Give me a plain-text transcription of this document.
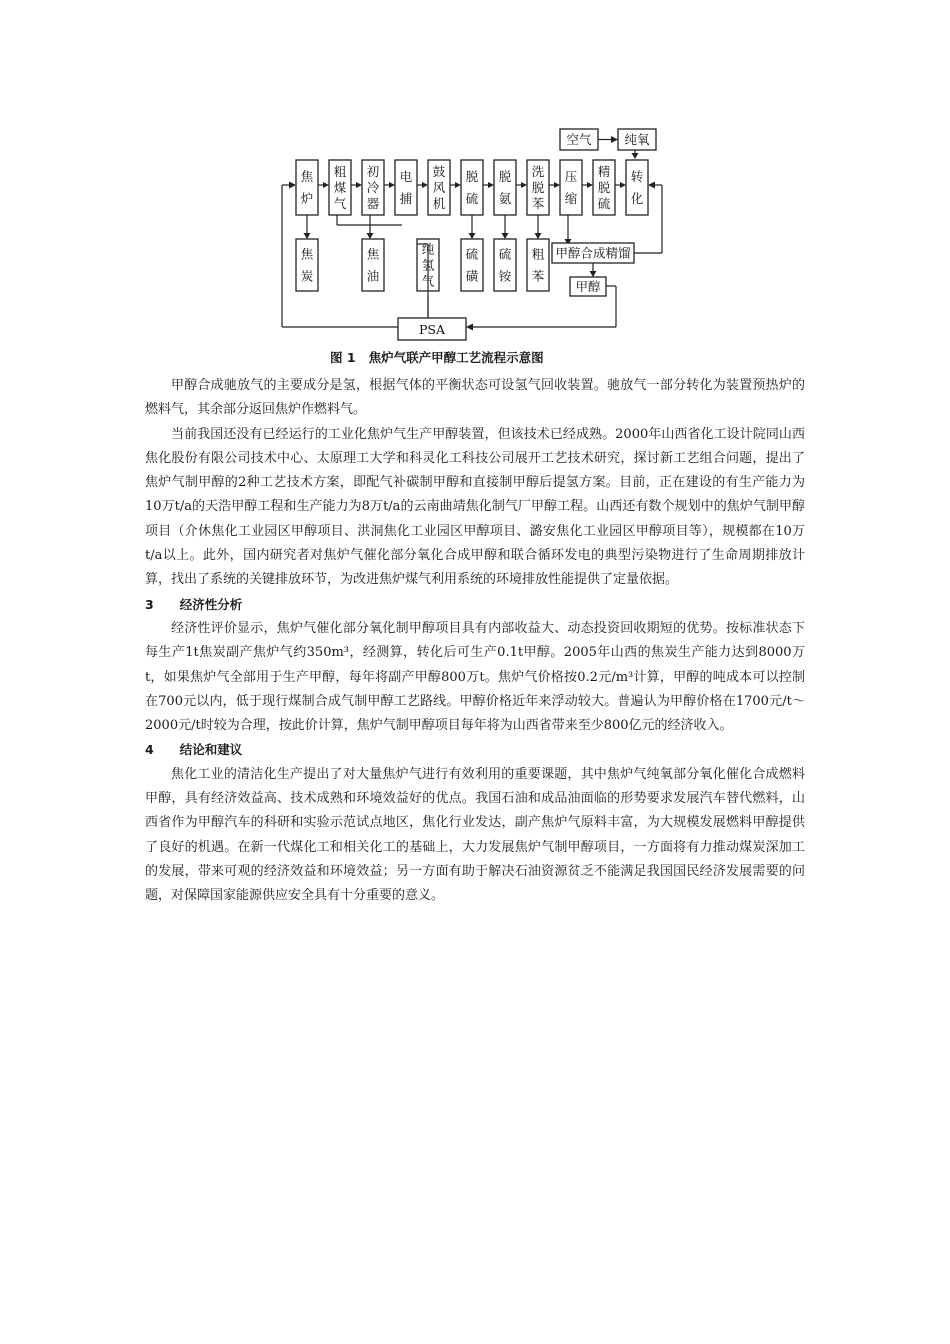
空气	纯氧
焦
炉
粗
煤
气
初
冷
器
电
捕
鼓
风
机
脱
硫
脱
氨
洗
脱
苯
压
缩
精
脱
硫
转
化
焦
炭
焦
油
纯
氢
气
硫
磺
硫
铵
粗
苯
PSA
甲醇合成精馏
甲醇
图 1   焦炉气联产甲醇工艺流程示意图

甲醇合成驰放气的主要成分是氢，根据气体的平衡状态可设氢气回收装置。驰放气一部分转化为装置预热炉的燃料气，其余部分返回焦炉作燃料气。

当前我国还没有已经运行的工业化焦炉气生产甲醇装置，但该技术已经成熟。2000年山西省化工设计院同山西焦化股份有限公司技术中心、太原理工大学和科灵化工科技公司展开工艺技术研究，探讨新工艺组合问题，提出了焦炉气制甲醇的2种工艺技术方案，即配气补碳制甲醇和直接制甲醇后提氢方案。目前，正在建设的有生产能力为10万t/a的天浩甲醇工程和生产能力为8万t/a的云南曲靖焦化制气厂甲醇工程。山西还有数个规划中的焦炉气制甲醇项目（介休焦化工业园区甲醇项目、洪洞焦化工业园区甲醇项目、潞安焦化工业园区甲醇项目等），规模都在10万t/a以上。此外，国内研究者对焦炉气催化部分氧化合成甲醇和联合循环发电的典型污染物进行了生命周期排放计算，找出了系统的关键排放环节，为改进焦炉煤气利用系统的环境排放性能提供了定量依据。

3      经济性分析

经济性评价显示，焦炉气催化部分氧化制甲醇项目具有内部收益大、动态投资回收期短的优势。按标准状态下每生产1t焦炭副产焦炉气约350m³，经测算，转化后可生产0.1t甲醇。2005年山西的焦炭生产能力达到8000万t，如果焦炉气全部用于生产甲醇，每年将副产甲醇800万t。焦炉气价格按0.2元/m³计算，甲醇的吨成本可以控制在700元以内，低于现行煤制合成气制甲醇工艺路线。甲醇价格近年来浮动较大。普遍认为甲醇价格在1700元/t～2000元/t时较为合理，按此价计算，焦炉气制甲醇项目每年将为山西省带来至少800亿元的经济收入。

4      结论和建议

焦化工业的清洁化生产提出了对大量焦炉气进行有效利用的重要课题，其中焦炉气纯氧部分氧化催化合成燃料甲醇，具有经济效益高、技术成熟和环境效益好的优点。我国石油和成品油面临的形势要求发展汽车替代燃料，山西省作为甲醇汽车的科研和实验示范试点地区，焦化行业发达，副产焦炉气原料丰富，为大规模发展燃料甲醇提供了良好的机遇。在新一代煤化工和相关化工的基础上，大力发展焦炉气制甲醇项目，一方面将有力推动煤炭深加工的发展，带来可观的经济效益和环境效益；另一方面有助于解决石油资源贫乏不能满足我国国民经济发展需要的问题，对保障国家能源供应安全具有十分重要的意义。
